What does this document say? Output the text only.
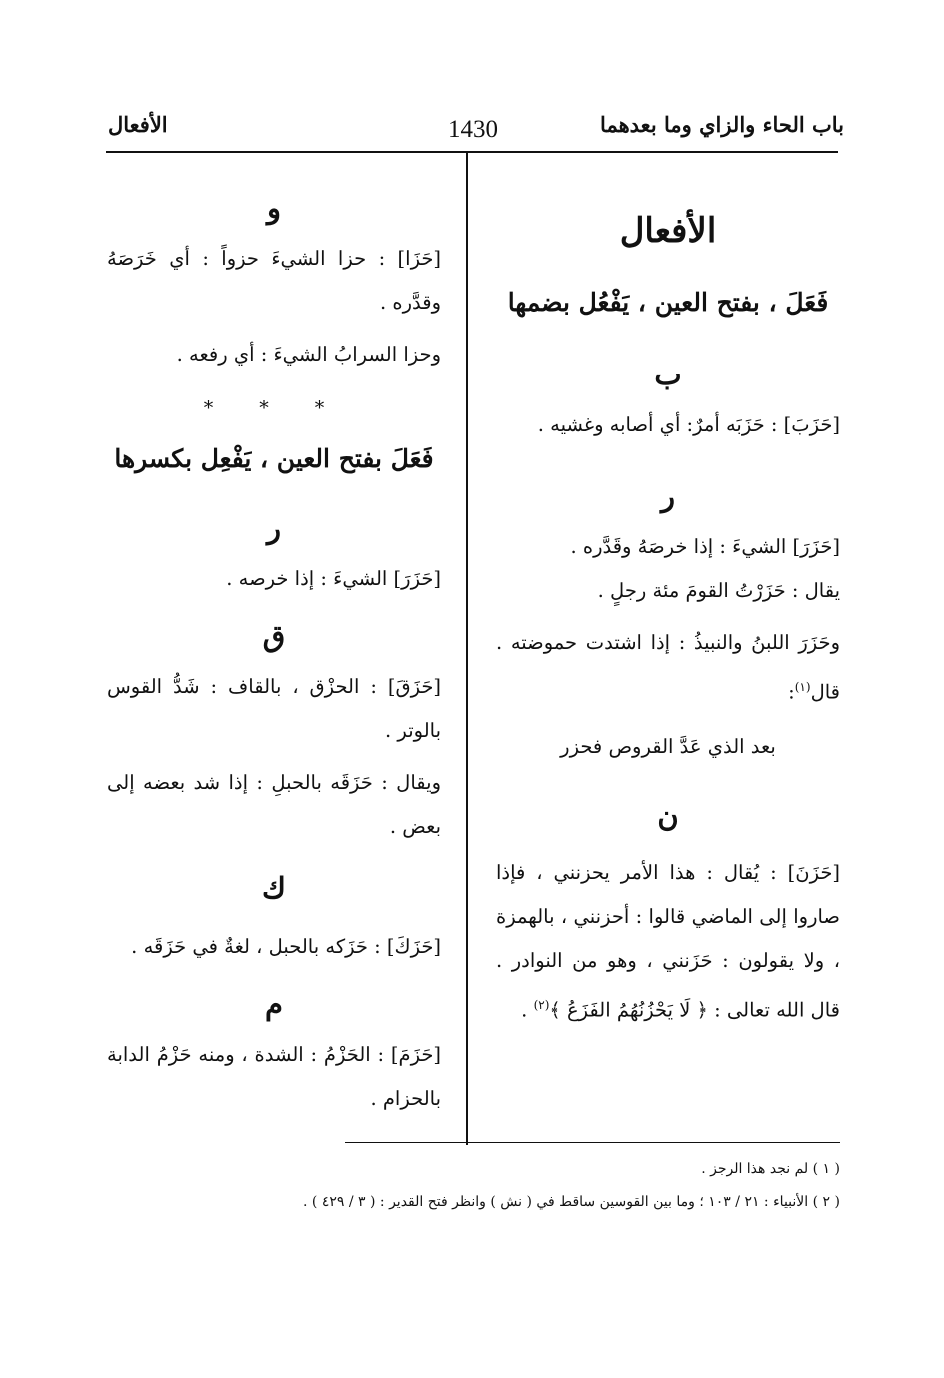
باب الحاء والزاي وما بعدهما
1430
الأفعال

الأفعال

فَعَلَ ، بفتح العين ، يَفْعُل بضمها

ب

[حَزَبَ] : حَزَبَه أمرٌ: أي أصابه وغشيه .

ر

[حَزَرَ] الشيءَ : إذا خرصَهُ وقَدَّره .

يقال : حَزَرْتُ القومَ مئة رجلٍ .

وحَزَرَ اللبنُ والنبيذُ : إذا اشتدت حموضته . قال$^{(١)}$:

بعد الذي عَدَّ القروص فحزر

ن

[حَزَنَ] : يُقال : هذا الأمر يحزنني ، فإذا صاروا إلى الماضي قالوا : أحزنني ، بالهمزة ، ولا يقولون : حَزَنني ، وهو من النوادر . قال الله تعالى : ﴿ لَا يَحْزُنُهُمُ الفَزَعُ ﴾$^{(٢)}$ .

و

[حَزَا] : حزا الشيءَ حزواً : أي خَرَصَهُ وقدَّره .

وحزا السرابُ الشيءَ : أي رفعه .

* * *

فَعَلَ بفتح العين ، يَفْعِل بكسرها

ر

[حَزَرَ] الشيءَ : إذا خرصه .

ق

[حَزَقَ] : الحزْق ، بالقاف : شَدُّ القوس بالوتر .

ويقال : حَزَقَه بالحبلِ : إذا شد بعضه إلى بعض .

ك

[حَزَكَ] : حَزَكه بالحبل ، لغةٌ في حَزَقَه .

م

[حَزَمَ] : الحَزْمُ : الشدة ، ومنه حَزْمُ الدابة بالحزام .

( ١ ) لم نجد هذا الرجز .
( ٢ ) الأنبياء : ٢١ / ١٠٣ ؛ وما بين القوسين ساقط في ( نش ) وانظر فتح القدير : ( ٣ / ٤٢٩ ) .
